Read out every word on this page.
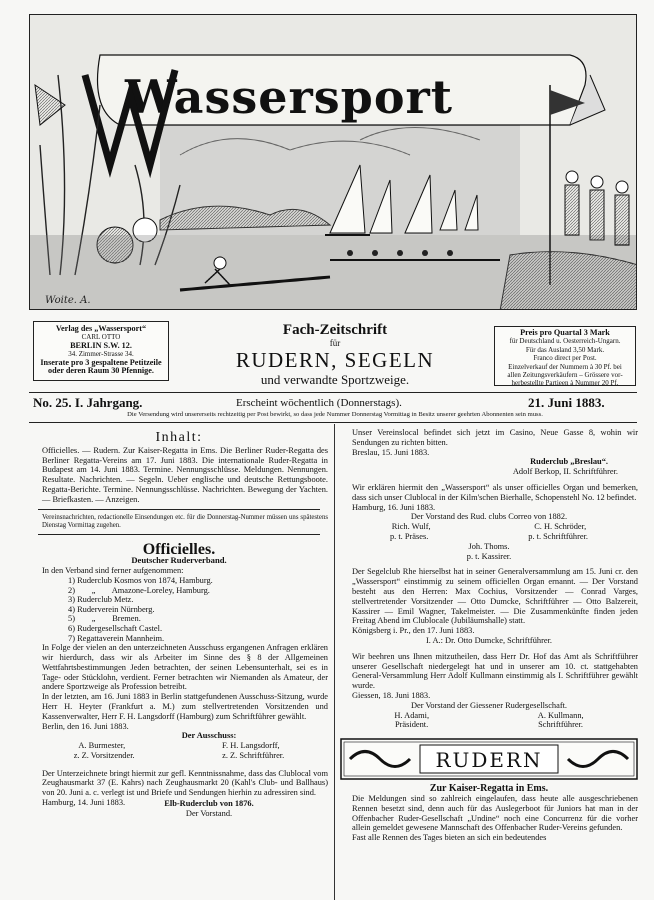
Wassersport
Woite. A.
Verlag des „Wassersport“
CARL OTTO
BERLIN S.W. 12.
34. Zimmer-Strasse 34.
Inserate pro 3 gespaltene Petitzeile
oder deren Raum 30 Pfennige.
Fach-Zeitschrift
für
RUDERN, SEGELN
und verwandte Sportzweige.
Preis pro Quartal 3 Mark
für Deutschland u. Oesterreich-Ungarn.
Für das Ausland 3,50 Mark.
Franco direct per Post.
Einzelverkauf der Nummern à 30 Pf. bei
allen Zeitungsverkäufern – Grössere vor-
herbestellte Partieen à Nummer 20 Pf.
No. 25. I. Jahrgang.	Erscheint wöchentlich (Donnerstags).	21. Juni 1883.
Die Versendung wird unsererseits rechtzeitig per Post bewirkt, so dass jede Nummer Donnerstag Vormittag in Besitz unserer geehrten Abonnenten sein muss.
Inhalt:

Officielles. — Rudern. Zur Kaiser-Regatta in Ems. Die Berliner Ruder-Regatta des Berliner Regatta-Vereins am 17. Juni 1883. Die internationale Ruder-Regatta in Budapest am 14. Juni 1883. Termine. Nennungsschlüsse. Meldungen. Nennungen. Resultate. Nachrichten. — Segeln. Ueber englische und deutsche Rettungsboote. Regatta-Berichte. Termine. Nennungsschlüsse. Nachrichten. Bewegung der Yachten. — Briefkasten. — Anzeigen.

Vereinsnachrichten, redactionelle Einsendungen etc. für die Donnerstag-Nummer müssen uns spätestens Dienstag Vormittag zugehen.

Officielles.
Deutscher Ruderverband.

In den Verband sind ferner aufgenommen:

1) Ruderclub Kosmos von 1874, Hamburg.
2)        „        Amazone-Loreley, Hamburg.
3) Ruderclub Metz.
4) Ruderverein Nürnberg.
5)        „        Bremen.
6) Rudergesellschaft Castel.
7) Regattaverein Mannheim.

In Folge der vielen an den unterzeichneten Ausschuss ergangenen Anfragen erklären wir hierdurch, dass wir als Arbeiter im Sinne des § 8 der Allgemeinen Wettfahrtsbestimmungen Jeden betrachten, der seinen Lebensunterhalt, sei es in Tage- oder Stücklohn, verdient. Ferner betrachten wir Niemanden als Amateur, der andere Sportzweige als Profession betreibt.

In der letzten, am 16. Juni 1883 in Berlin stattgefundenen Ausschuss-Sitzung, wurde Herr H. Heyter (Frankfurt a. M.) zum stellvertretenden Vorsitzenden und Kassenverwalter, Herr F. H. Langsdorff (Hamburg) zum Schriftführer gewählt.

Berlin, den 16. Juni 1883.

Der Ausschuss:
A. Burmester,	F. H. Langsdorff,
z. Z. Vorsitzender.	z. Z. Schriftführer.

Der Unterzeichnete bringt hiermit zur gefl. Kenntnissnahme, dass das Clublocal vom Zeughausmarkt 37 (E. Kahrs) nach Zeughausmarkt 20 (Kahl's Club- und Ballhaus) von 20. Juni a. c. verlegt ist und Briefe und Sendungen hierhin zu adressiren sind.

Hamburg, 14. Juni 1883.	Elb-Ruderclub von 1876.
Der Vorstand.

Unser Vereinslocal befindet sich jetzt im Casino, Neue Gasse 8, wohin wir Sendungen zu richten bitten.

Breslau, 15. Juni 1883.

Ruderclub „Breslau“.
Adolf Berkop, II. Schriftführer.

Wir erklären hiermit den „Wassersport“ als unser officielles Organ und bemerken, dass sich unser Clublocal in der Kilm'schen Bierhalle, Schopenstehl No. 12 befindet.

Hamburg, 16. Juni 1883.

Der Vorstand des Rud. clubs Correo von 1882.
Rich. Wulf,	C. H. Schröder,
p. t. Präses.	p. t. Schriftführer.
Joh. Thoms.
p. t. Kassirer.

Der Segelclub Rhe hierselbst hat in seiner Generalversammlung am 15. Juni cr. den „Wassersport“ einstimmig zu seinem officiellen Organ ernannt. — Der Vorstand besteht aus den Herren: Max Cochius, Vorsitzender — Conrad Varges, stellvertretender Vorsitzender — Otto Dumcke, Schriftführer — Otto Balzereit, Kassirer — Emil Wagner, Takelmeister. — Die Zusammenkünfte finden jeden Freitag Abend im Clublocale (Jubiläumshalle) statt.

Königsberg i. Pr., den 17. Juni 1883.

I. A.: Dr. Otto Dumcke, Schriftführer.

Wir beehren uns Ihnen mitzutheilen, dass Herr Dr. Hof das Amt als Schriftführer unserer Gesellschaft niedergelegt hat und in unserer am 10. ct. stattgehabten General-Versammlung Herr Adolf Kullmann einstimmig als I. Schriftführer gewählt wurde.

Giessen, 18. Juni 1883.

Der Vorstand der Giessener Rudergesellschaft.
H. Adami,	A. Kullmann,
Präsident.	Schriftführer.
RUDERN
Zur Kaiser-Regatta in Ems.

Die Meldungen sind so zahlreich eingelaufen, dass heute alle ausgeschriebenen Rennen besetzt sind, denn auch für das Auslegerboot für Juniors hat man in der Offenbacher Ruder-Gesellschaft „Undine“ noch eine Concurrenz für die vorher allein gemeldet gewesene Mannschaft des Offenbacher Ruder-Vereins gefunden.

Fast alle Rennen des Tages bieten an sich ein bedeutendes
